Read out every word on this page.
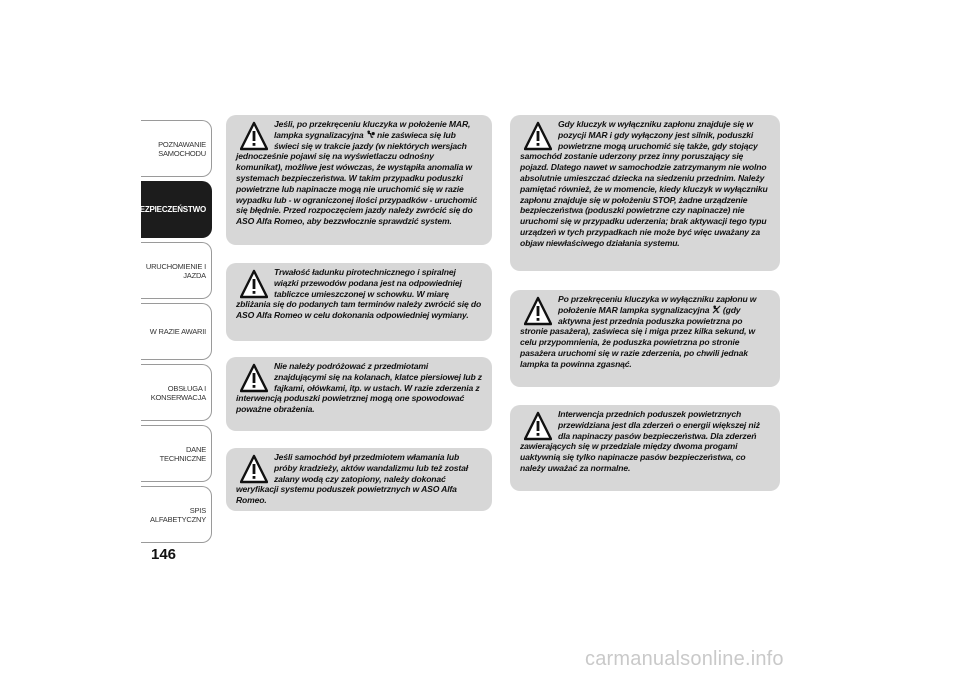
POZNAWANIE SAMOCHODU
BEZPIECZEŃSTWO
URUCHOMIENIE I JAZDA
W RAZIE AWARII
OBSŁUGA I KONSERWACJA
DANE TECHNICZNE
SPIS ALFABETYCZNY
146
Jeśli, po przekręceniu kluczyka w położenie MAR, lampka sygnalizacyjna  nie zaświeca się lub świeci się w trakcie jazdy (w niektórych wersjach jednocześnie pojawi się na wyświetlaczu odnośny komunikat), możliwe jest wówczas, że wystąpiła anomalia w systemach bezpieczeństwa. W takim przypadku poduszki powietrzne lub napinacze mogą nie uruchomić się w razie wypadku lub - w ograniczonej ilości przypadków - uruchomić się błędnie. Przed rozpoczęciem jazdy należy zwrócić się do ASO Alfa Romeo, aby bezzwłocznie sprawdzić system.
Trwałość ładunku pirotechnicznego i spiralnej wiązki przewodów podana jest na odpowiedniej tabliczce umieszczonej w schowku. W miarę zbliżania się do podanych tam terminów należy zwrócić się do ASO Alfa Romeo w celu dokonania odpowiedniej wymiany.
Nie należy podróżować z przedmiotami znajdującymi się na kolanach, klatce piersiowej lub z fajkami, ołówkami, itp. w ustach. W razie zderzenia z interwencją poduszki powietrznej mogą one spowodować poważne obrażenia.
Jeśli samochód był przedmiotem włamania lub próby kradzieży, aktów wandalizmu lub też został zalany wodą czy zatopiony, należy dokonać weryfikacji systemu poduszek powietrznych w ASO Alfa Romeo.
Gdy kluczyk w wyłączniku zapłonu znajduje się w pozycji MAR i gdy wyłączony jest silnik, poduszki powietrzne mogą uruchomić się także, gdy stojący samochód zostanie uderzony przez inny poruszający się pojazd. Dlatego nawet w samochodzie zatrzymanym nie wolno absolutnie umieszczać dziecka na siedzeniu przednim. Należy pamiętać również, że w momencie, kiedy kluczyk w wyłączniku zapłonu znajduje się w położeniu STOP, żadne urządzenie bezpieczeństwa (poduszki powietrzne czy napinacze) nie uruchomi się w przypadku uderzenia; brak aktywacji tego typu urządzeń w tych przypadkach nie może być więc uważany za objaw niewłaściwego działania systemu.
Po przekręceniu kluczyka w wyłączniku zapłonu w położenie MAR lampka sygnalizacyjna  (gdy aktywna jest przednia poduszka powietrzna po stronie pasażera), zaświeca się i miga przez kilka sekund, w celu przypomnienia, że poduszka powietrzna po stronie pasażera uruchomi się w razie zderzenia, po chwili jednak lampka ta powinna zgasnąć.
Interwencja przednich poduszek powietrznych przewidziana jest dla zderzeń o energii większej niż dla napinaczy pasów bezpieczeństwa. Dla zderzeń zawierających się w przedziale między dwoma progami uaktywnią się tylko napinacze pasów bezpieczeństwa, co należy uważać za normalne.
carmanualsonline.info
